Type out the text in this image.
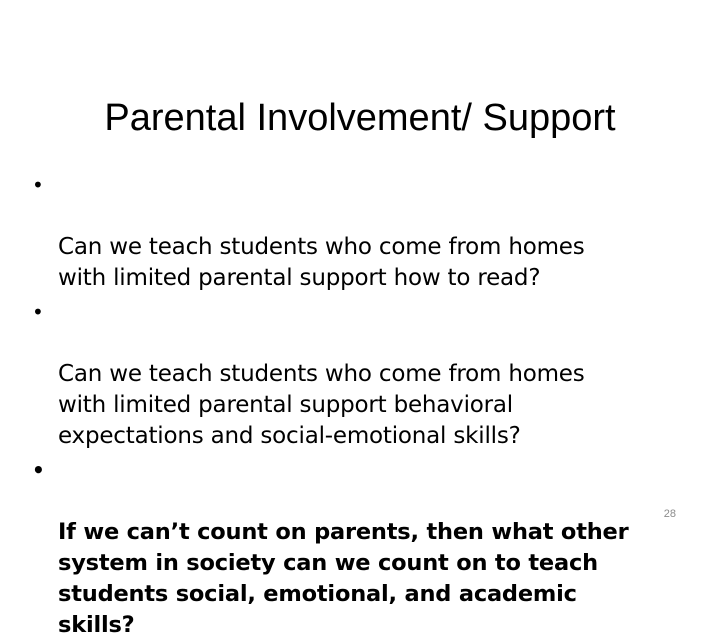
Parental Involvement/ Support

•

Can we teach students who come from homes
with limited parental support how to read?

•

Can we teach students who come from homes
with limited parental support behavioral
expectations and social-emotional skills?

•

If we can’t count on parents, then what other
system in society can we count on to teach
students social, emotional, and academic
skills?

28
